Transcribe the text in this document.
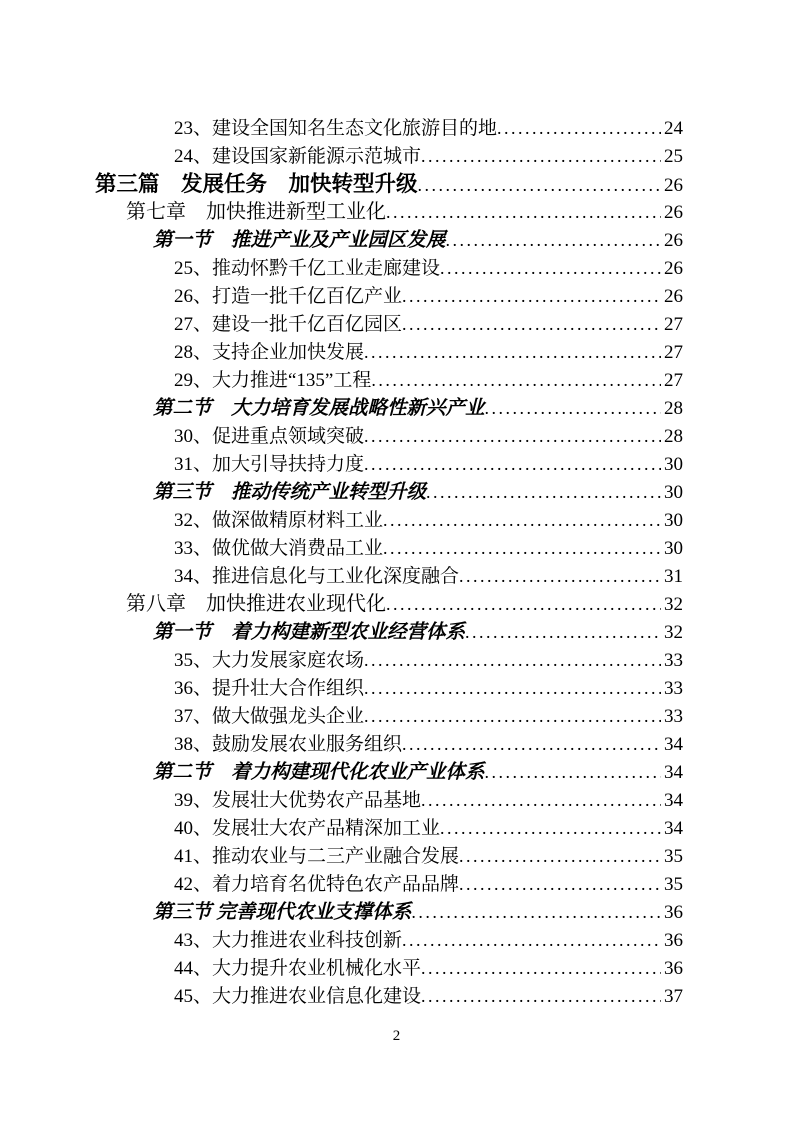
23、建设全国知名生态文化旅游目的地 .....	24
24、建设国家新能源示范城市 .....	25
第三篇　发展任务　加快转型升级 .....	26
第七章　加快推进新型工业化 .....	26
第一节　推进产业及产业园区发展 .....	26
25、推动怀黔千亿工业走廊建设 .....	26
26、打造一批千亿百亿产业 .....	26
27、建设一批千亿百亿园区 .....	27
28、支持企业加快发展 .....	27
29、大力推进“135”工程 .....	27
第二节　大力培育发展战略性新兴产业 .....	28
30、促进重点领域突破 .....	28
31、加大引导扶持力度 .....	30
第三节　推动传统产业转型升级 .....	30
32、做深做精原材料工业 .....	30
33、做优做大消费品工业 .....	30
34、推进信息化与工业化深度融合 .....	31
第八章　加快推进农业现代化 .....	32
第一节　着力构建新型农业经营体系 .....	32
35、大力发展家庭农场 .....	33
36、提升壮大合作组织 .....	33
37、做大做强龙头企业 .....	33
38、鼓励发展农业服务组织 .....	34
第二节　着力构建现代化农业产业体系 .....	34
39、发展壮大优势农产品基地 .....	34
40、发展壮大农产品精深加工业 .....	34
41、推动农业与二三产业融合发展 .....	35
42、着力培育名优特色农产品品牌 .....	35
第三节 完善现代农业支撑体系 .....	36
43、大力推进农业科技创新 .....	36
44、大力提升农业机械化水平 .....	36
45、大力推进农业信息化建设 .....	37
2
